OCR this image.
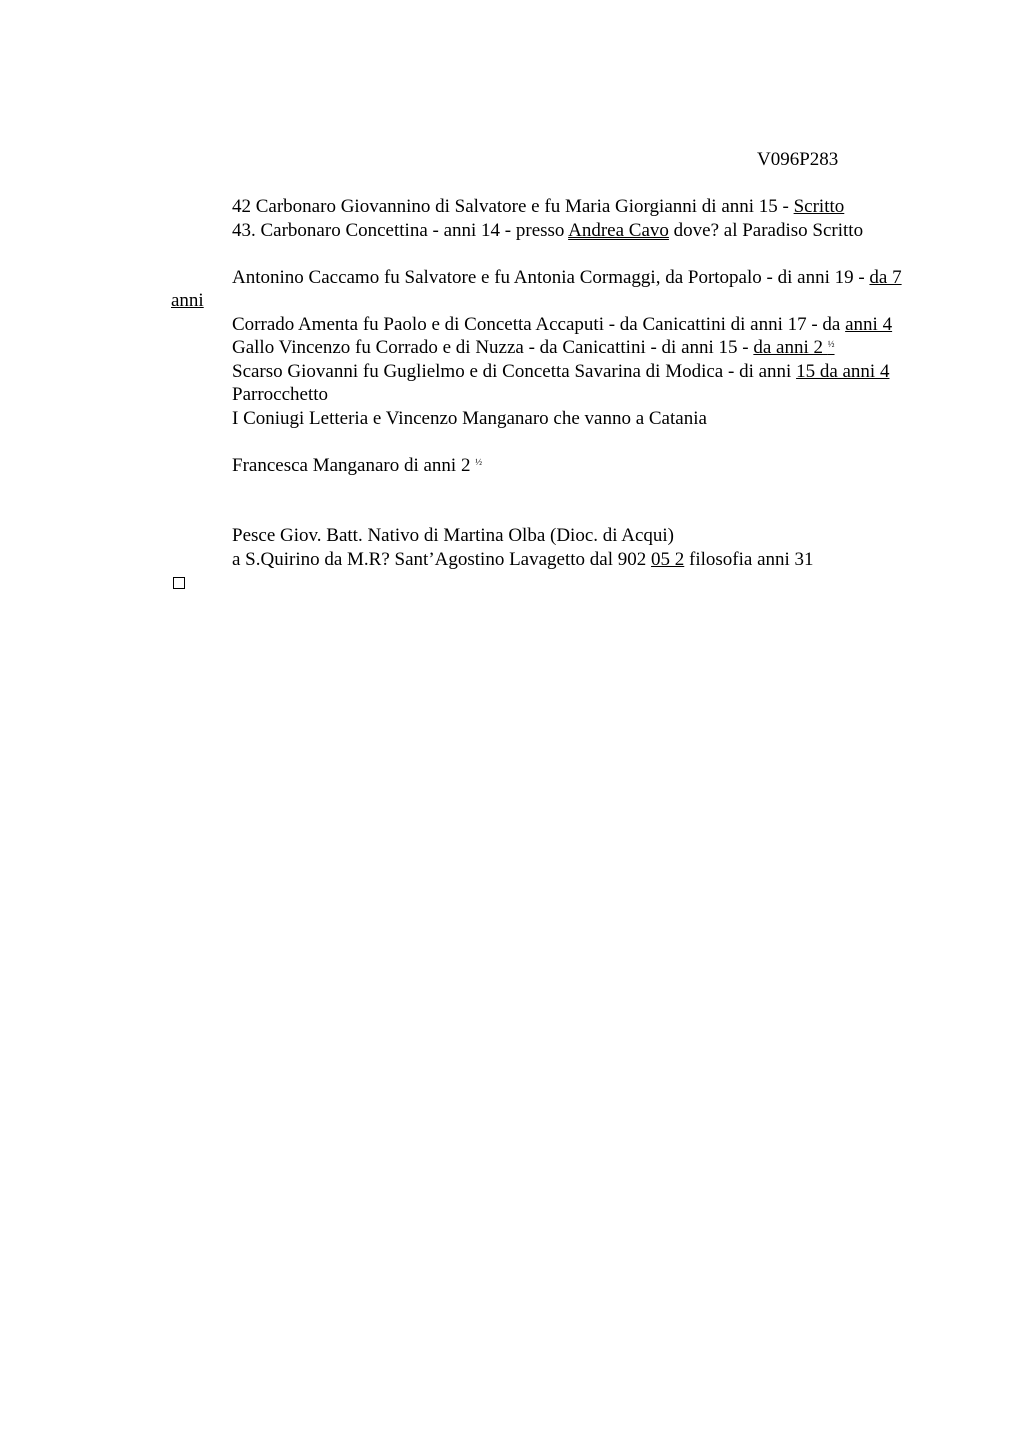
V096P283

42 Carbonaro Giovannino di Salvatore e fu Maria Giorgianni di anni 15 - Scritto

43. Carbonaro Concettina - anni 14 - presso Andrea Cavo dove? al Paradiso Scritto

Antonino Caccamo fu Salvatore e fu Antonia Cormaggi, da Portopalo - di anni 19 - da 7 anni

Corrado Amenta fu Paolo e di Concetta Accaputi - da Canicattini di anni 17 - da anni 4

Gallo Vincenzo fu Corrado e di Nuzza - da Canicattini - di anni 15 - da anni 2 $^{\frac{1}{2}}$

Scarso Giovanni fu Guglielmo e di Concetta Savarina di Modica - di anni 15 da anni 4

Parrocchetto

I Coniugi Letteria e Vincenzo Manganaro che vanno a Catania

Francesca Manganaro di anni 2 $^{\frac{1}{2}}$

Pesce Giov. Batt. Nativo di Martina Olba (Dioc. di Acqui)

a S.Quirino da M.R? Sant’Agostino Lavagetto dal 902 05 2 filosofia anni 31
